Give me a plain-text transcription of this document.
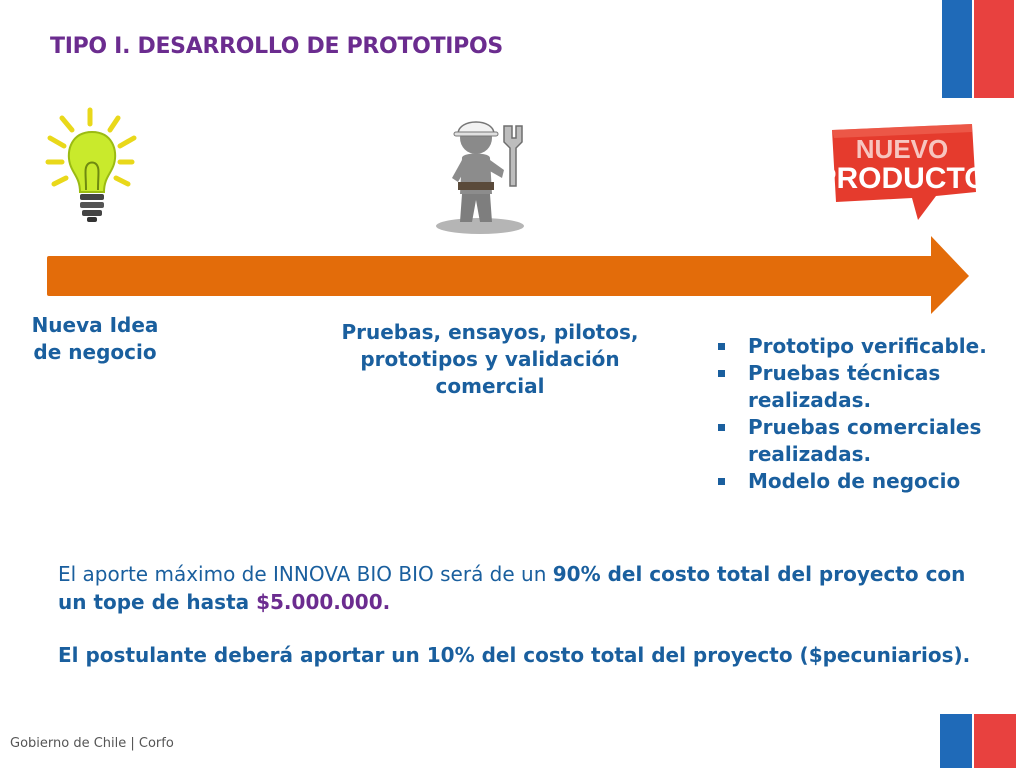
TIPO I. DESARROLLO DE PROTOTIPOS
NUEVO
PRODUCTO
Nueva Idea
de negocio
Pruebas, ensayos, pilotos,
prototipos y validación
comercial
Prototipo verificable.
Pruebas técnicas realizadas.
Pruebas comerciales realizadas.
Modelo de negocio

El aporte máximo de INNOVA BIO BIO será de un 90% del costo total del proyecto con un tope de hasta $5.000.000.

El postulante deberá aportar un 10% del costo total del proyecto ($pecuniarios).

Gobierno de Chile | Corfo
